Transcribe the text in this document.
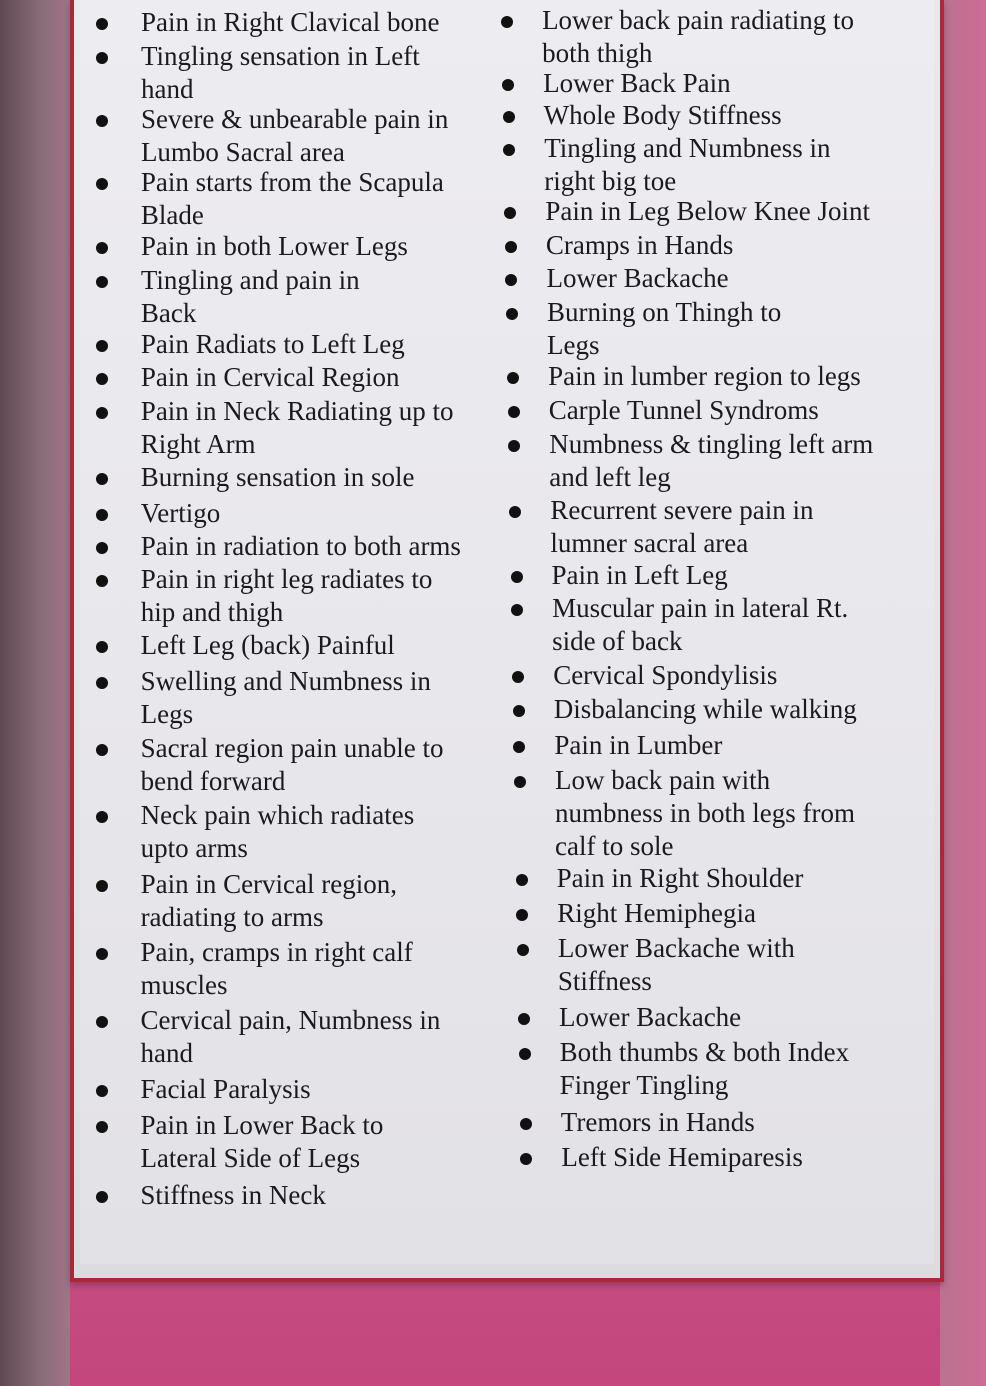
Pain in Right Clavical bone
Tingling sensation in Left
hand
Severe & unbearable pain in
Lumbo Sacral area
Pain starts from the Scapula
Blade
Pain in both Lower Legs
Tingling and pain in
Back
Pain Radiats to Left Leg
Pain in Cervical Region
Pain in Neck Radiating up to
Right Arm
Burning sensation in sole
Vertigo
Pain in radiation to both arms
Pain in right leg radiates to
hip and thigh
Left Leg (back) Painful
Swelling and Numbness in
Legs
Sacral region pain unable to
bend forward
Neck pain which radiates
upto arms
Pain in Cervical region,
radiating to arms
Pain, cramps in right calf
muscles
Cervical pain, Numbness in
hand
Facial Paralysis
Pain in Lower Back to
Lateral Side of Legs
Stiffness in Neck
Lower back pain radiating to
both thigh
Lower Back Pain
Whole Body Stiffness
Tingling and Numbness in
right big toe
Pain in Leg Below Knee Joint
Cramps in Hands
Lower Backache
Burning on Thingh to
Legs
Pain in lumber region to legs
Carple Tunnel Syndroms
Numbness & tingling left arm
and left leg
Recurrent severe pain in
lumner sacral area
Pain in Left Leg
Muscular pain in lateral Rt.
side of back
Cervical Spondylisis
Disbalancing while walking
Pain in Lumber
Low back pain with
numbness in both legs from
calf to sole
Pain in Right Shoulder
Right Hemiphegia
Lower Backache with
Stiffness
Lower Backache
Both thumbs & both Index
Finger Tingling
Tremors in Hands
Left Side Hemiparesis
